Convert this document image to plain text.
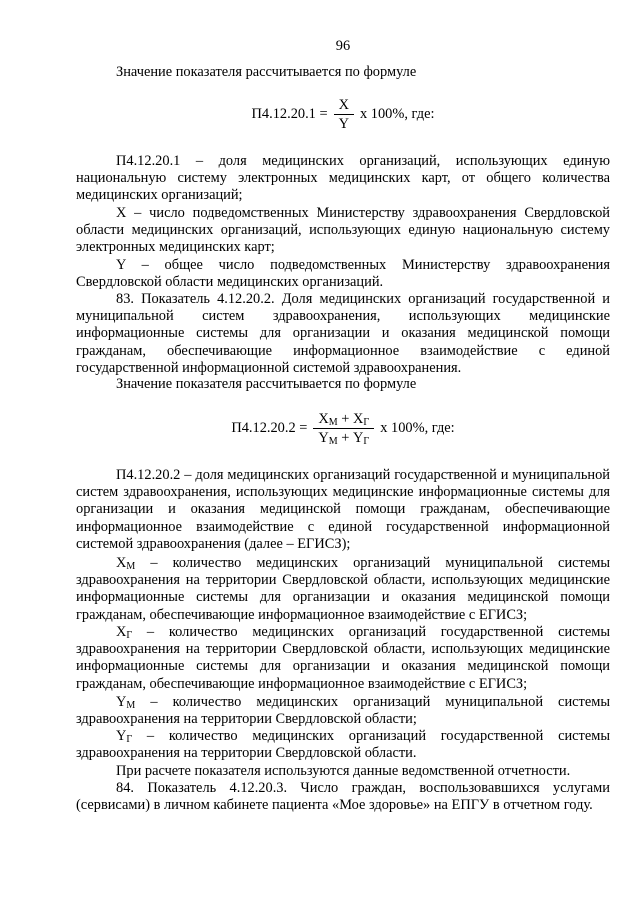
96

Значение показателя рассчитывается по формуле

$П4.12.20.1 = \frac{X}{Y}$ x 100%, где:

П4.12.20.1 – доля медицинских организаций, использующих единую национальную систему электронных медицинских карт, от общего количества медицинских организаций;

X – число подведомственных Министерству здравоохранения Свердловской области медицинских организаций, использующих единую национальную систему электронных медицинских карт;

Y – общее число подведомственных Министерству здравоохранения Свердловской области медицинских организаций.

83. Показатель 4.12.20.2. Доля медицинских организаций государственной и муниципальной систем здравоохранения, использующих медицинские информационные системы для организации и оказания медицинской помощи гражданам, обеспечивающие информационное взаимодействие с единой государственной информационной системой здравоохранения.

Значение показателя рассчитывается по формуле

$П4.12.20.2 = \frac{X_М + X_Г}{Y_М + Y_Г}$ x 100%, где:

П4.12.20.2 – доля медицинских организаций государственной и муниципальной систем здравоохранения, использующих медицинские информационные системы для организации и оказания медицинской помощи гражданам, обеспечивающие информационное взаимодействие с единой государственной информационной системой здравоохранения (далее – ЕГИСЗ);

$X_М$ – количество медицинских организаций муниципальной системы здравоохранения на территории Свердловской области, использующих медицинские информационные системы для организации и оказания медицинской помощи гражданам, обеспечивающие информационное взаимодействие с ЕГИСЗ;

$X_Г$ – количество медицинских организаций государственной системы здравоохранения на территории Свердловской области, использующих медицинские информационные системы для организации и оказания медицинской помощи гражданам, обеспечивающие информационное взаимодействие с ЕГИСЗ;

$Y_М$ – количество медицинских организаций муниципальной системы здравоохранения на территории Свердловской области;

$Y_Г$ – количество медицинских организаций государственной системы здравоохранения на территории Свердловской области.

При расчете показателя используются данные ведомственной отчетности.

84. Показатель 4.12.20.3. Число граждан, воспользовавшихся услугами (сервисами) в личном кабинете пациента «Мое здоровье» на ЕПГУ в отчетном году.
